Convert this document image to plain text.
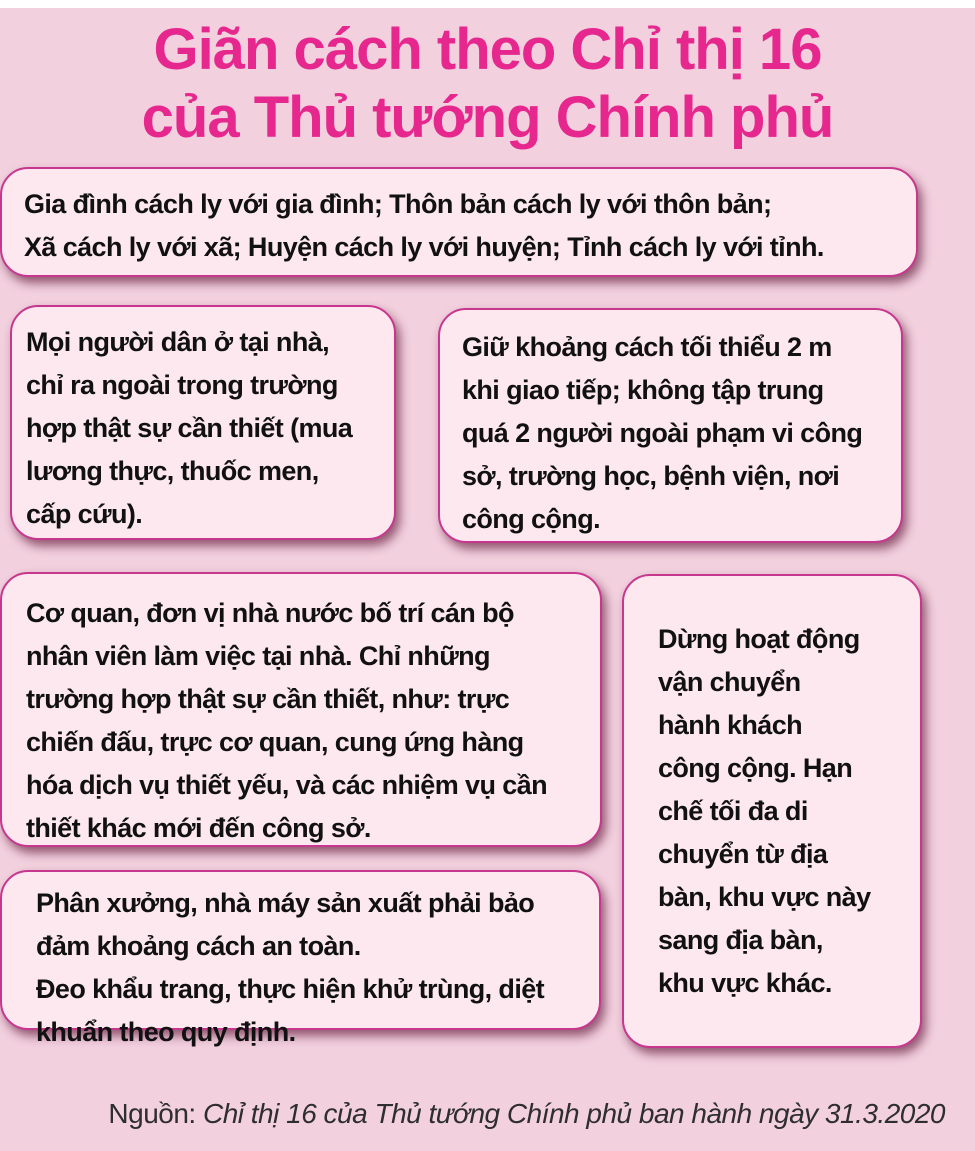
Giãn cách theo Chỉ thị 16
của Thủ tướng Chính phủ

Gia đình cách ly với gia đình; Thôn bản cách ly với thôn bản;
Xã cách ly với xã; Huyện cách ly với huyện; Tỉnh cách ly với tỉnh.

Mọi người dân ở tại nhà,
chỉ ra ngoài trong trường
hợp thật sự cần thiết (mua
lương thực, thuốc men,
cấp cứu).

Giữ khoảng cách tối thiểu 2 m
khi giao tiếp; không tập trung
quá 2 người ngoài phạm vi công
sở, trường học, bệnh viện, nơi
công cộng.

Cơ quan, đơn vị nhà nước bố trí cán bộ
nhân viên làm việc tại nhà. Chỉ những
trường hợp thật sự cần thiết, như: trực
chiến đấu, trực cơ quan, cung ứng hàng
hóa dịch vụ thiết yếu, và các nhiệm vụ cần
thiết khác mới đến công sở.

Dừng hoạt động
vận chuyển
hành khách
công cộng. Hạn
chế tối đa di
chuyển từ địa
bàn, khu vực này
sang địa bàn,
khu vực khác.

Phân xưởng, nhà máy sản xuất phải bảo
đảm khoảng cách an toàn.
Đeo khẩu trang, thực hiện khử trùng, diệt
khuẩn theo quy định.

Nguồn: Chỉ thị 16 của Thủ tướng Chính phủ ban hành ngày 31.3.2020
